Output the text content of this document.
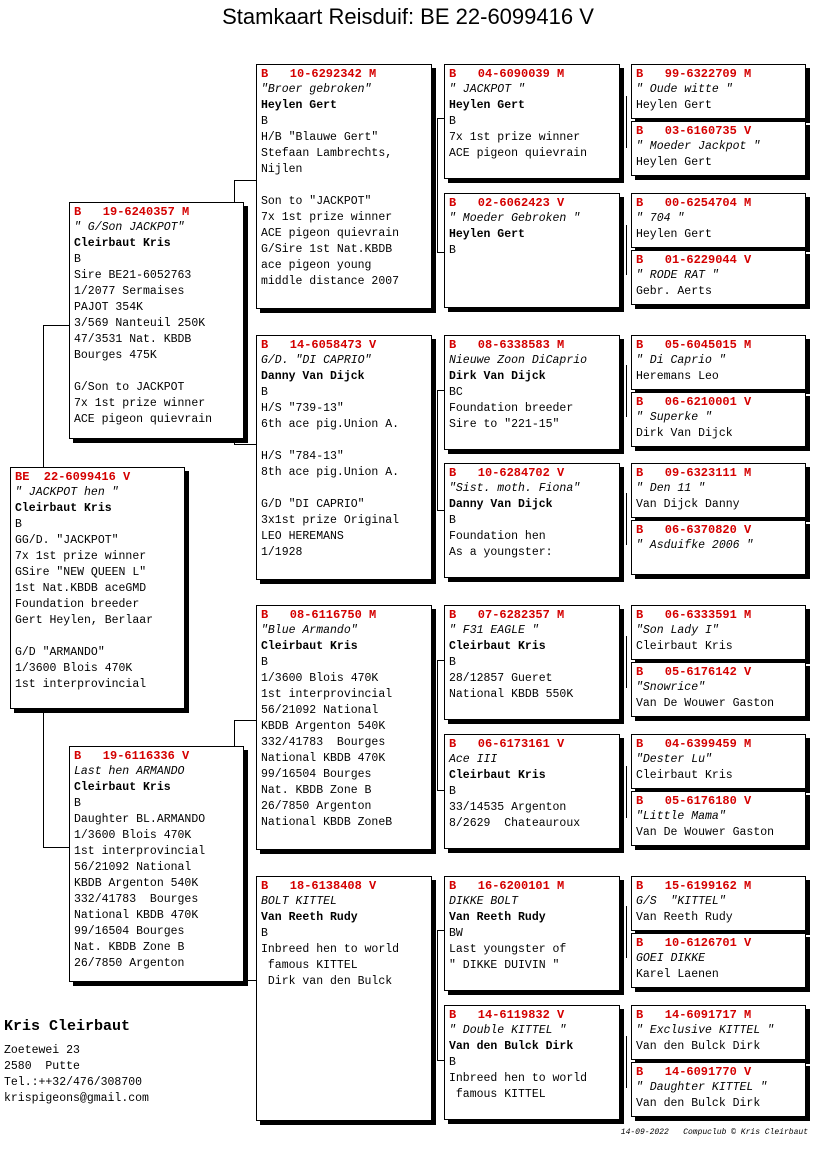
Stamkaart Reisduif: BE 22-6099416 V
BE  22-6099416 V
" JACKPOT hen "
Cleirbaut Kris
B
GG/D. "JACKPOT"
7x 1st prize winner
GSire "NEW QUEEN L"
1st Nat.KBDB aceGMD
Foundation breeder
Gert Heylen, Berlaar

G/D "ARMANDO"
1/3600 Blois 470K
1st interprovincial
B   19-6240357 M
" G/Son JACKPOT"
Cleirbaut Kris
B
Sire BE21-6052763
1/2077 Sermaises
PAJOT 354K
3/569 Nanteuil 250K
47/3531 Nat. KBDB
Bourges 475K

G/Son to JACKPOT
7x 1st prize winner
ACE pigeon quievrain
B   19-6116336 V
Last hen ARMANDO
Cleirbaut Kris
B
Daughter BL.ARMANDO
1/3600 Blois 470K
1st interprovincial
56/21092 National
KBDB Argenton 540K
332/41783  Bourges
National KBDB 470K
99/16504 Bourges
Nat. KBDB Zone B
26/7850 Argenton
B   10-6292342 M
"Broer gebroken"
Heylen Gert
B
H/B "Blauwe Gert"
Stefaan Lambrechts,
Nijlen

Son to "JACKPOT"
7x 1st prize winner
ACE pigeon quievrain
G/Sire 1st Nat.KBDB
ace pigeon young
middle distance 2007
B   14-6058473 V
G/D. "DI CAPRIO"
Danny Van Dijck
B
H/S "739-13"
6th ace pig.Union A.

H/S "784-13"
8th ace pig.Union A.

G/D "DI CAPRIO"
3x1st prize Original
LEO HEREMANS
1/1928
B   08-6116750 M
"Blue Armando"
Cleirbaut Kris
B
1/3600 Blois 470K
1st interprovincial
56/21092 National
KBDB Argenton 540K
332/41783  Bourges
National KBDB 470K
99/16504 Bourges
Nat. KBDB Zone B
26/7850 Argenton
National KBDB ZoneB
B   18-6138408 V
BOLT KITTEL
Van Reeth Rudy
B
Inbreed hen to world
famous KITTEL
Dirk van den Bulck
B   04-6090039 M
" JACKPOT "
Heylen Gert
B
7x 1st prize winner
ACE pigeon quievrain
B   02-6062423 V
" Moeder Gebroken "
Heylen Gert
B
B   08-6338583 M
Nieuwe Zoon DiCaprio
Dirk Van Dijck
BC
Foundation breeder
Sire to "221-15"
B   10-6284702 V
"Sist. moth. Fiona"
Danny Van Dijck
B
Foundation hen
As a youngster:
B   07-6282357 M
" F31 EAGLE "
Cleirbaut Kris
B
28/12857 Gueret
National KBDB 550K
B   06-6173161 V
Ace III
Cleirbaut Kris
B
33/14535 Argenton
8/2629  Chateauroux
B   16-6200101 M
DIKKE BOLT
Van Reeth Rudy
BW
Last youngster of
" DIKKE DUIVIN "
B   14-6119832 V
" Double KITTEL "
Van den Bulck Dirk
B
Inbreed hen to world
famous KITTEL
B   99-6322709 M
" Oude witte "
Heylen Gert
B   03-6160735 V
" Moeder Jackpot "
Heylen Gert
B   00-6254704 M
" 704 "
Heylen Gert
B   01-6229044 V
" RODE RAT "
Gebr. Aerts
B   05-6045015 M
" Di Caprio "
Heremans Leo
B   06-6210001 V
" Superke "
Dirk Van Dijck
B   09-6323111 M
" Den 11 "
Van Dijck Danny
B   06-6370820 V
" Asduifke 2006 "
B   06-6333591 M
"Son Lady I"
Cleirbaut Kris
B   05-6176142 V
"Snowrice"
Van De Wouwer Gaston
B   04-6399459 M
"Dester Lu"
Cleirbaut Kris
B   05-6176180 V
"Little Mama"
Van De Wouwer Gaston
B   15-6199162 M
G/S  "KITTEL"
Van Reeth Rudy
B   10-6126701 V
GOEI DIKKE
Karel Laenen
B   14-6091717 M
" Exclusive KITTEL "
Van den Bulck Dirk
B   14-6091770 V
" Daughter KITTEL "
Van den Bulck Dirk
Kris Cleirbaut
Zoetewei 23
2580  Putte
Tel.:++32/476/308700
krispigeons@gmail.com
14-09-2022   Compuclub © Kris Cleirbaut
